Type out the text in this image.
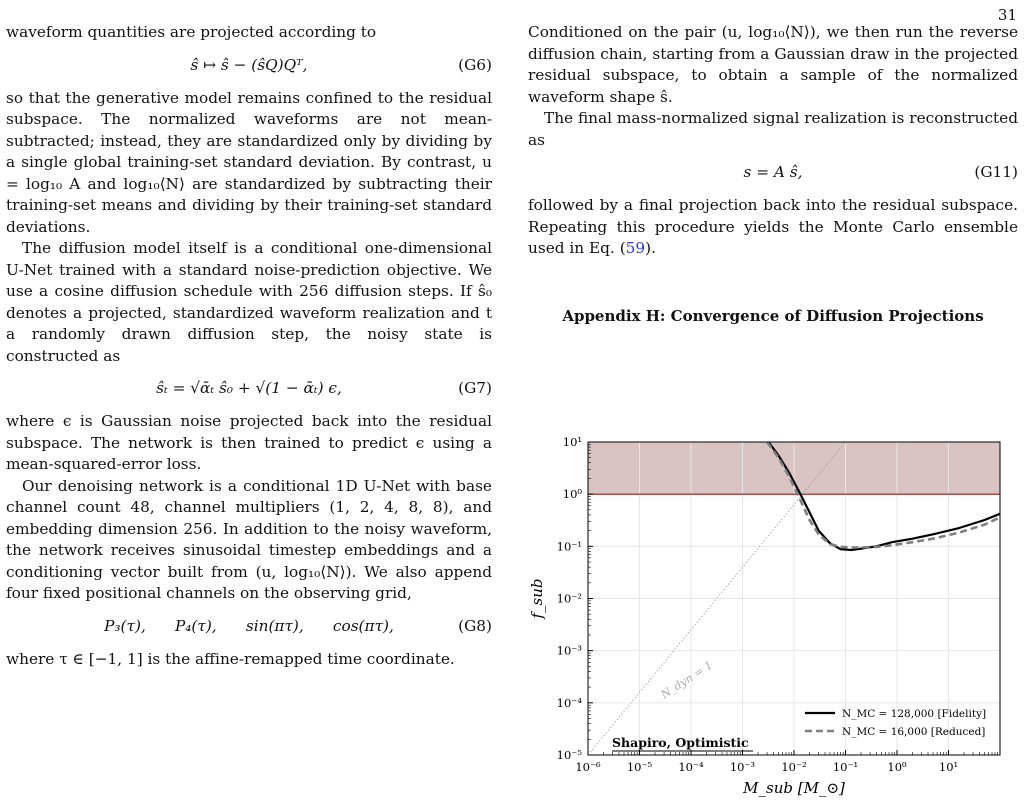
31

waveform quantities are projected according to

ŝ ↦ ŝ − (ŝQ)Qᵀ,	(G6)

so that the generative model remains confined to the residual subspace. The normalized waveforms are not mean-subtracted; instead, they are standardized only by dividing by a single global training-set standard deviation. By contrast, u = log₁₀ A and log₁₀⟨N⟩ are standardized by subtracting their training-set means and dividing by their training-set standard deviations.

The diffusion model itself is a conditional one-dimensional U-Net trained with a standard noise-prediction objective. We use a cosine diffusion schedule with 256 diffusion steps. If ŝ₀ denotes a projected, standardized waveform realization and t a randomly drawn diffusion step, the noisy state is constructed as

ŝₜ = √ᾱₜ ŝ₀ + √(1 − ᾱₜ) ϵ,	(G7)

where ϵ is Gaussian noise projected back into the residual subspace. The network is then trained to predict ϵ using a mean-squared-error loss.

Our denoising network is a conditional 1D U-Net with base channel count 48, channel multipliers (1, 2, 4, 8, 8), and embedding dimension 256. In addition to the noisy waveform, the network receives sinusoidal timestep embeddings and a conditioning vector built from (u, log₁₀⟨N⟩). We also append four fixed positional channels on the observing grid,

P₃(τ),      P₄(τ),      sin(πτ),      cos(πτ),	(G8)

where τ ∈ [−1, 1] is the affine-remapped time coordinate.

Conditioned on the pair (u, log₁₀⟨N⟩), we then run the reverse diffusion chain, starting from a Gaussian draw in the projected residual subspace, to obtain a sample of the normalized waveform shape ŝ.

The final mass-normalized signal realization is reconstructed as

s = A ŝ,	(G11)

followed by a final projection back into the residual subspace. Repeating this procedure yields the Monte Carlo ensemble used in Eq. (59).

Appendix H: Convergence of Diffusion Projections
N_dyn = 1
10⁻⁶ 10⁻⁵ 10⁻⁴ 10⁻³ 10⁻² 10⁻¹	10⁰	10¹
10⁻⁵
10⁻⁴
10⁻³
10⁻²
10⁻¹
10⁰
10¹
M_sub [M_⊙]
f_sub
Shapiro, Optimistic
N_MC = 128,000 [Fidelity]
N_MC = 16,000 [Reduced]
